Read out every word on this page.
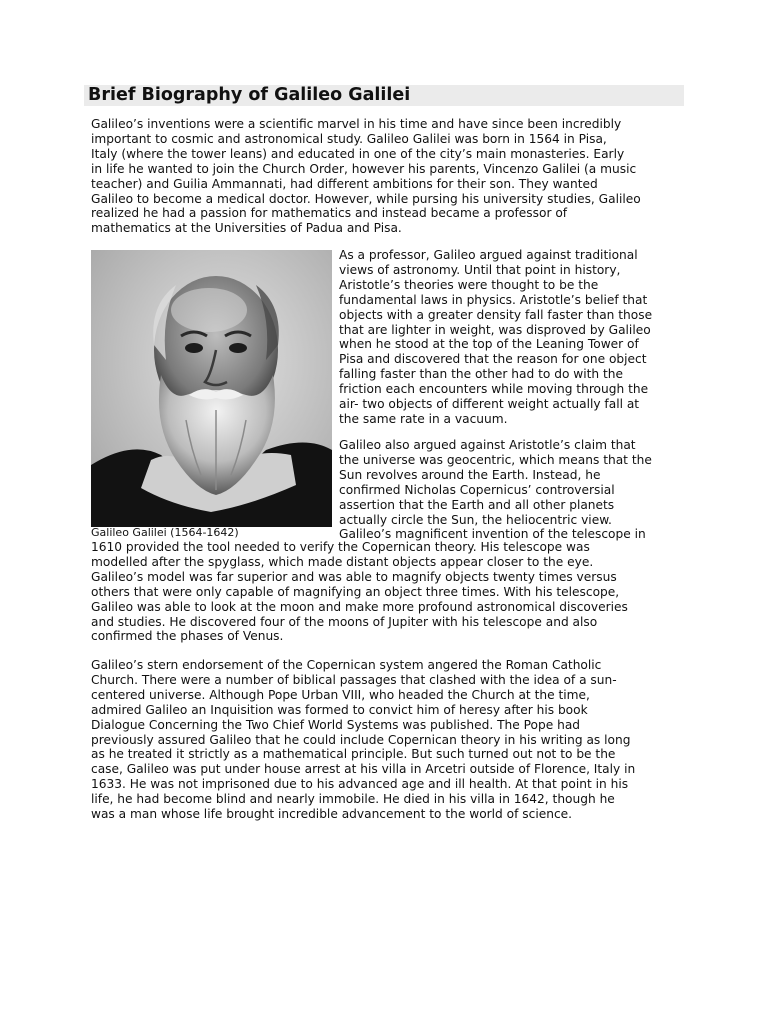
Brief Biography of Galileo Galilei

Galileo’s inventions were a scientific marvel in his time and have since been incredibly
important to cosmic and astronomical study. Galileo Galilei was born in 1564 in Pisa,
Italy (where the tower leans) and educated in one of the city’s main monasteries. Early
in life he wanted to join the Church Order, however his parents, Vincenzo Galilei (a music
teacher) and Guilia Ammannati, had different ambitions for their son. They wanted
Galileo to become a medical doctor. However, while pursing his university studies, Galileo
realized he had a passion for mathematics and instead became a professor of
mathematics at the Universities of Padua and Pisa.

Galileo Galilei (1564-1642)

As a professor, Galileo argued against traditional
views of astronomy. Until that point in history,
Aristotle’s theories were thought to be the
fundamental laws in physics. Aristotle’s belief that
objects with a greater density fall faster than those
that are lighter in weight, was disproved by Galileo
when he stood at the top of the Leaning Tower of
Pisa and discovered that the reason for one object
falling faster than the other had to do with the
friction each encounters while moving through the
air- two objects of different weight actually fall at
the same rate in a vacuum.

Galileo also argued against Aristotle’s claim that
the universe was geocentric, which means that the
Sun revolves around the Earth. Instead, he
confirmed Nicholas Copernicus’ controversial
assertion that the Earth and all other planets
actually circle the Sun, the heliocentric view.
Galileo’s magnificent invention of the telescope in

1610 provided the tool needed to verify the Copernican theory. His telescope was
modelled after the spyglass, which made distant objects appear closer to the eye.
Galileo’s model was far superior and was able to magnify objects twenty times versus
others that were only capable of magnifying an object three times. With his telescope,
Galileo was able to look at the moon and make more profound astronomical discoveries
and studies. He discovered four of the moons of Jupiter with his telescope and also
confirmed the phases of Venus.

Galileo’s stern endorsement of the Copernican system angered the Roman Catholic
Church. There were a number of biblical passages that clashed with the idea of a sun-
centered universe. Although Pope Urban VIII, who headed the Church at the time,
admired Galileo an Inquisition was formed to convict him of heresy after his book
Dialogue Concerning the Two Chief World Systems was published. The Pope had
previously assured Galileo that he could include Copernican theory in his writing as long
as he treated it strictly as a mathematical principle. But such turned out not to be the
case, Galileo was put under house arrest at his villa in Arcetri outside of Florence, Italy in
1633. He was not imprisoned due to his advanced age and ill health. At that point in his
life, he had become blind and nearly immobile. He died in his villa in 1642, though he
was a man whose life brought incredible advancement to the world of science.
